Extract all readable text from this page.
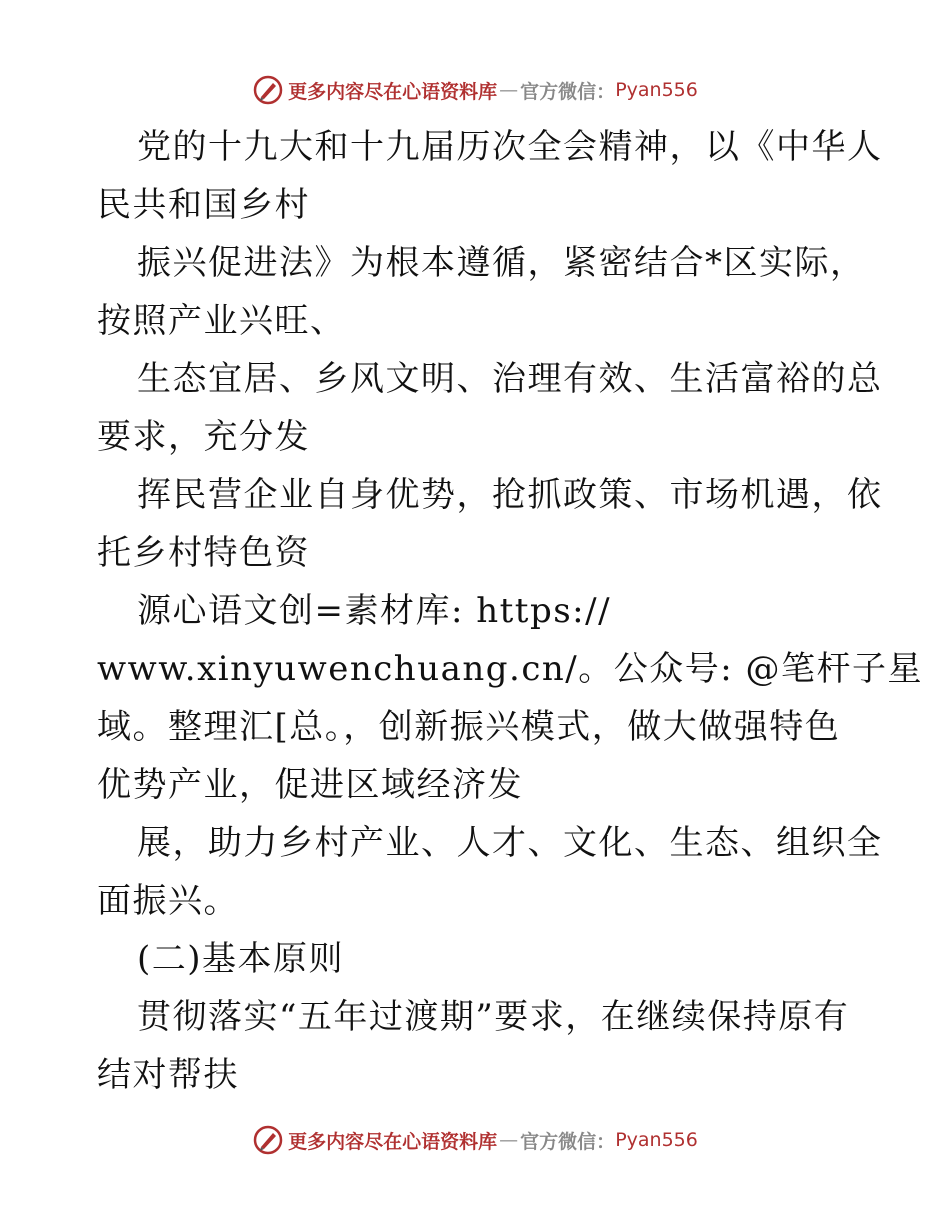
更多内容尽在心语资料库 — 官方微信： Pyan556
党的十九大和十九届历次全会精神，以《中华人
民共和国乡村
振兴促进法》为根本遵循，紧密结合*区实际，
按照产业兴旺、
生态宜居、乡风文明、治理有效、生活富裕的总
要求，充分发
挥民营企业自身优势，抢抓政策、市场机遇，依
托乡村特色资
源心语文创=素材库: https://
www.xinyuwenchuang.cn/。公众号: @笔杆子星
域。整理汇[总。，创新振兴模式，做大做强特色
优势产业，促进区域经济发
展，助力乡村产业、人才、文化、生态、组织全
面振兴。
(二)基本原则
贯彻落实“五年过渡期”要求，在继续保持原有
结对帮扶
更多内容尽在心语资料库 — 官方微信： Pyan556
